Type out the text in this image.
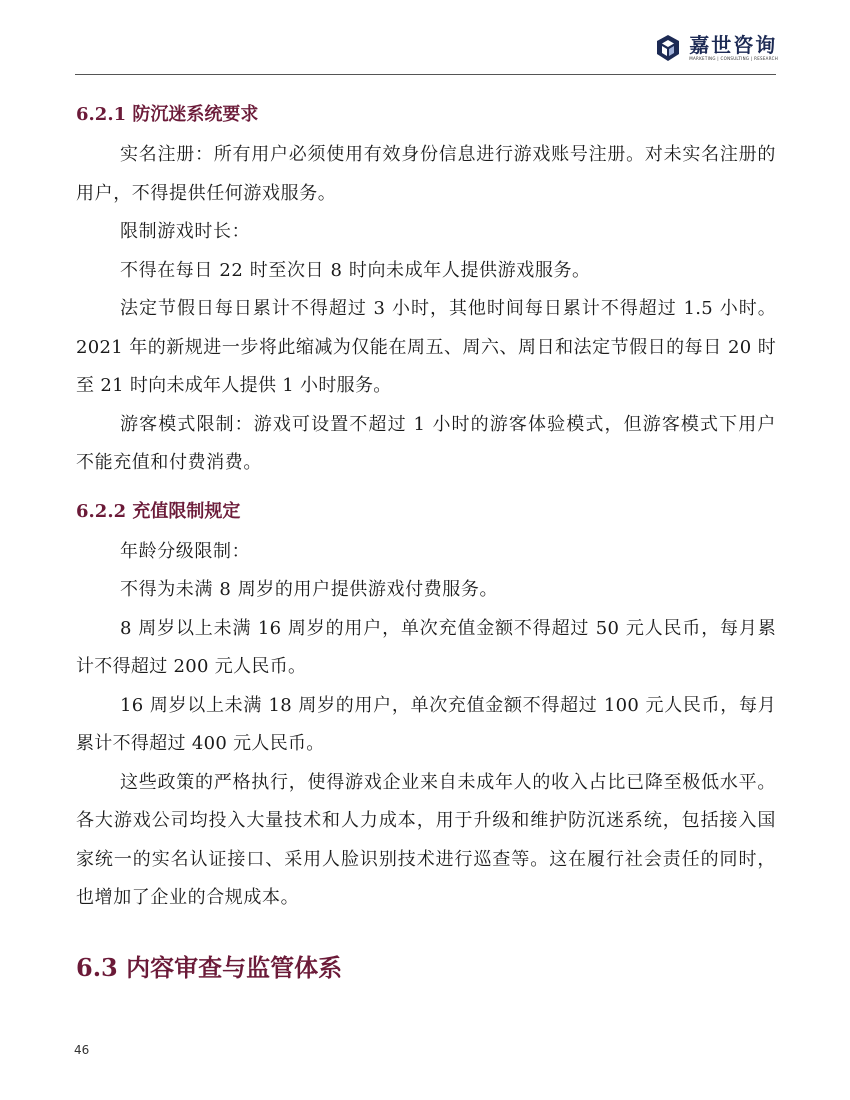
嘉世咨询
MARKETING | CONSULTING | RESEARCH
6.2.1 防沉迷系统要求

实名注册：所有用户必须使用有效身份信息进行游戏账号注册。对未实名注册的用户，不得提供任何游戏服务。

限制游戏时长：

不得在每日 22 时至次日 8 时向未成年人提供游戏服务。

法定节假日每日累计不得超过 3 小时，其他时间每日累计不得超过 1.5 小时。2021 年的新规进一步将此缩减为仅能在周五、周六、周日和法定节假日的每日 20 时至 21 时向未成年人提供 1 小时服务。

游客模式限制：游戏可设置不超过 1 小时的游客体验模式，但游客模式下用户不能充值和付费消费。

6.2.2 充值限制规定

年龄分级限制：

不得为未满 8 周岁的用户提供游戏付费服务。

8 周岁以上未满 16 周岁的用户，单次充值金额不得超过 50 元人民币，每月累计不得超过 200 元人民币。

16 周岁以上未满 18 周岁的用户，单次充值金额不得超过 100 元人民币，每月累计不得超过 400 元人民币。

这些政策的严格执行，使得游戏企业来自未成年人的收入占比已降至极低水平。各大游戏公司均投入大量技术和人力成本，用于升级和维护防沉迷系统，包括接入国家统一的实名认证接口、采用人脸识别技术进行巡查等。这在履行社会责任的同时，也增加了企业的合规成本。

6.3 内容审查与监管体系
46
